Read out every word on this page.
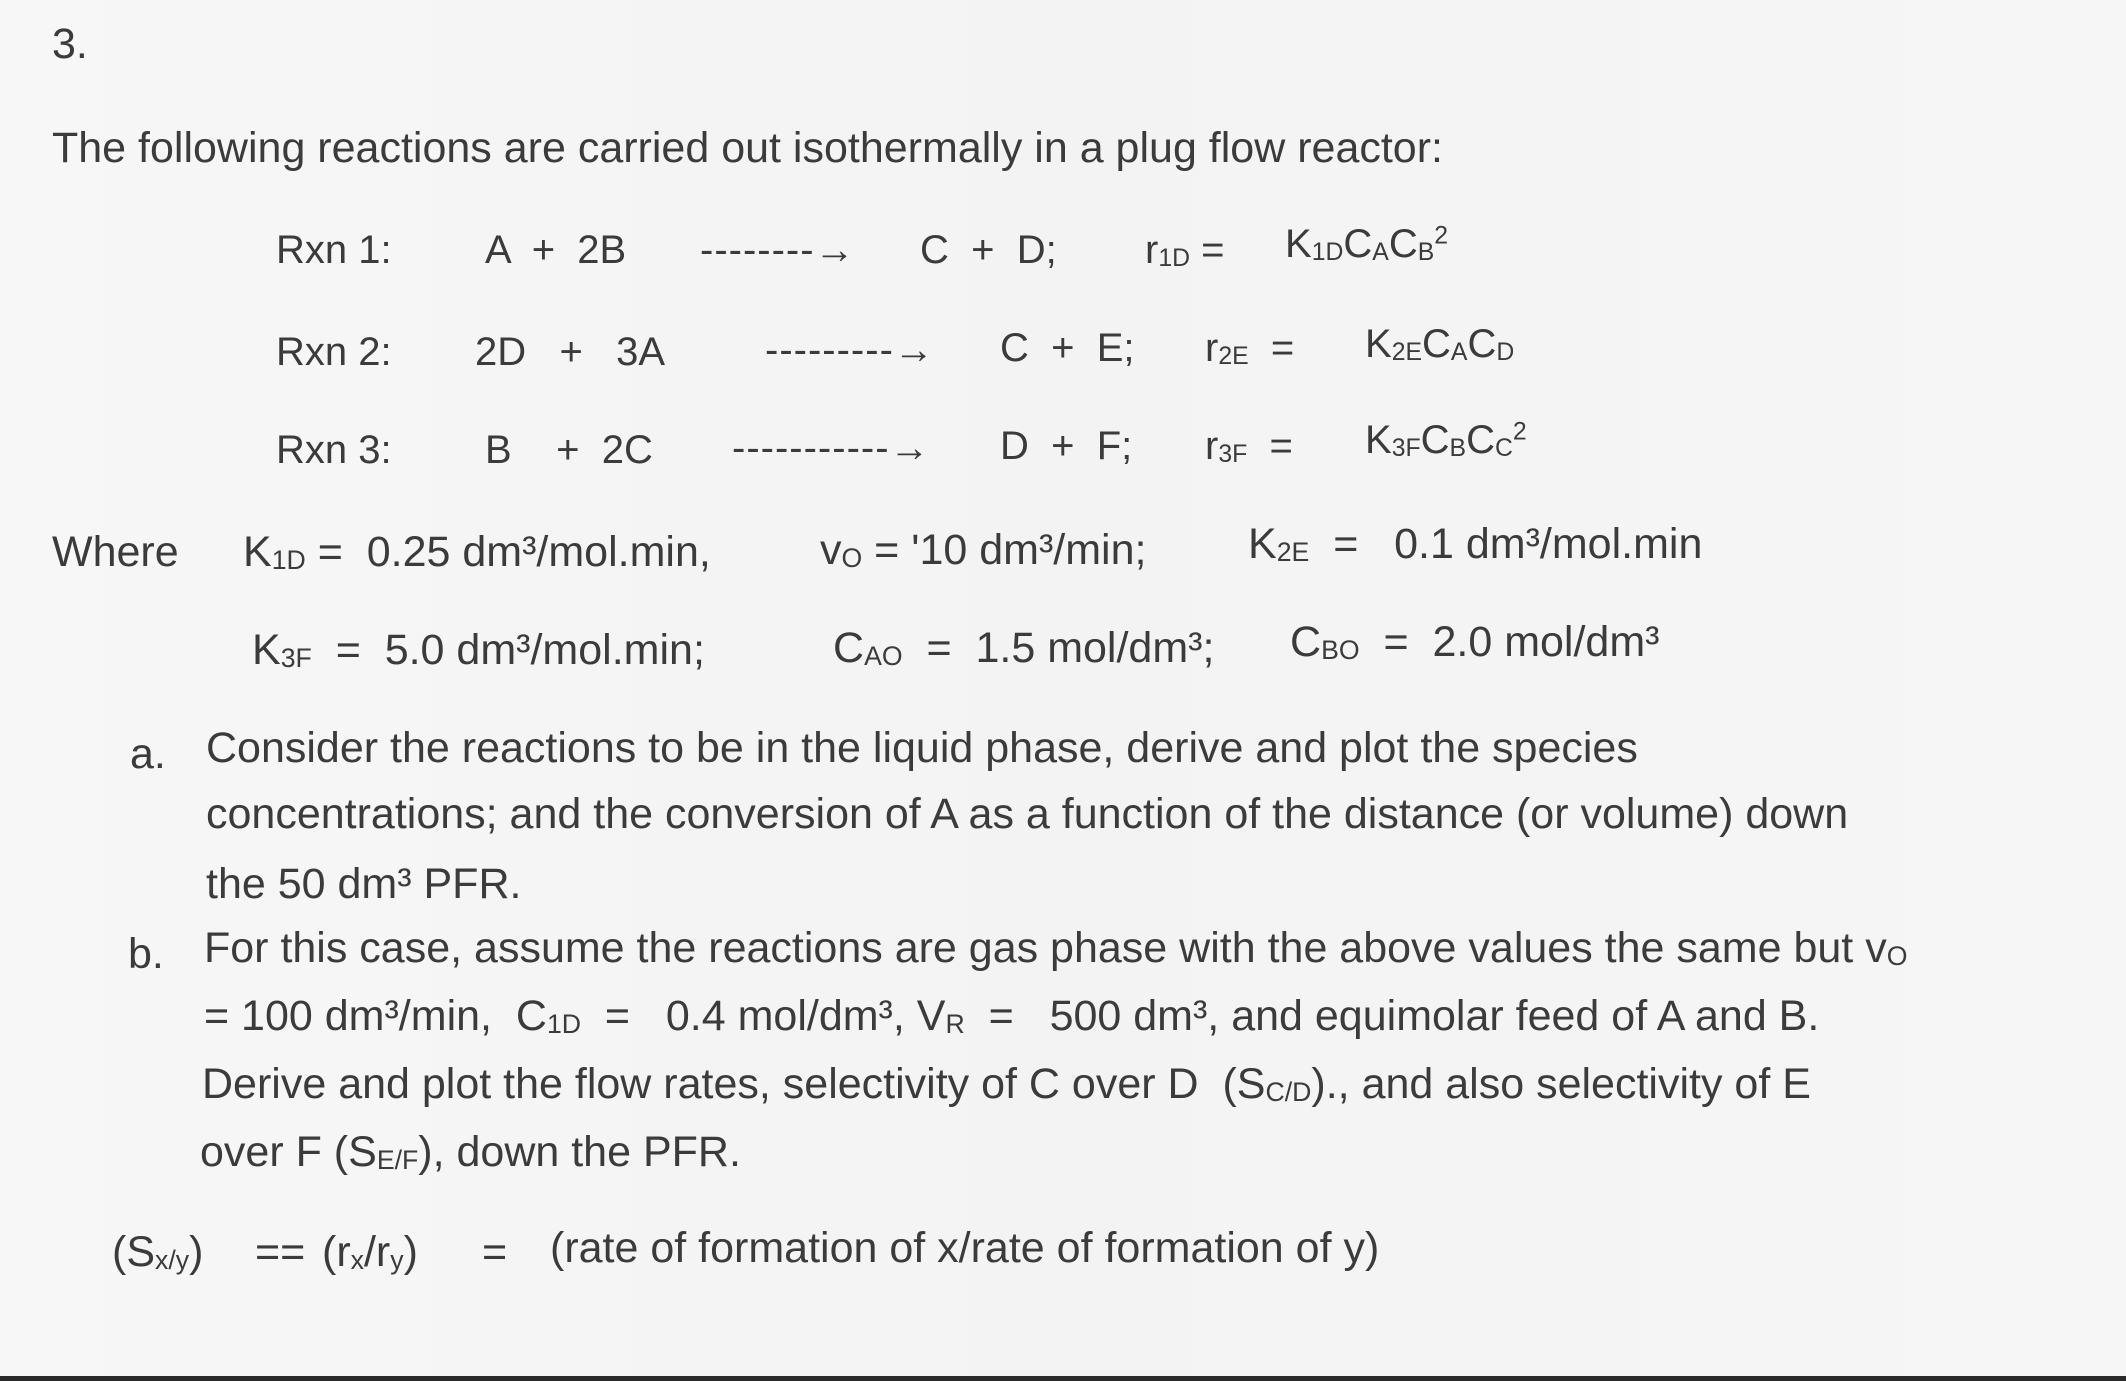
3.
The following reactions are carried out isothermally in a plug flow reactor:
Rxn 1: A  +  2B --------→ C  +  D; $r_{1D} = K_{1D}C_AC_B^2$
Rxn 2: 2D   +   3A ---------→ C  +  E; $r_{2E} = K_{2E}C_AC_D$
Rxn 3: B    +  2C -----------→ D  +  F; $r_{3F} = K_{3F}C_BC_C^2$
Where $K_{1D} = 0.25$ dm³/mol.min,	$v_O$ = '10 dm³/min; $K_{2E} = 0.1$ dm³/mol.min
$K_{3F} = 5.0$ dm³/mol.min;	$C_{AO} = 1.5$ mol/dm³; $C_{BO} = 2.0$ mol/dm³
a. Consider the reactions to be in the liquid phase, derive and plot the species
concentrations; and the conversion of A as a function of the distance (or volume) down
the 50 dm³ PFR.
b. For this case, assume the reactions are gas phase with the above values the same but $v_O$
= 100 dm³/min,  $C_{1D} = 0.4$ mol/dm³, $V_R = 500$ dm³, and equimolar feed of A and B.
Derive and plot the flow rates, selectivity of C over D  $(S_{C/D})$., and also selectivity of E
over F $(S_{E/F})$, down the PFR.
$(S_{x/y}) == (r_x/r_y)$ = (rate of formation of x/rate of formation of y)
